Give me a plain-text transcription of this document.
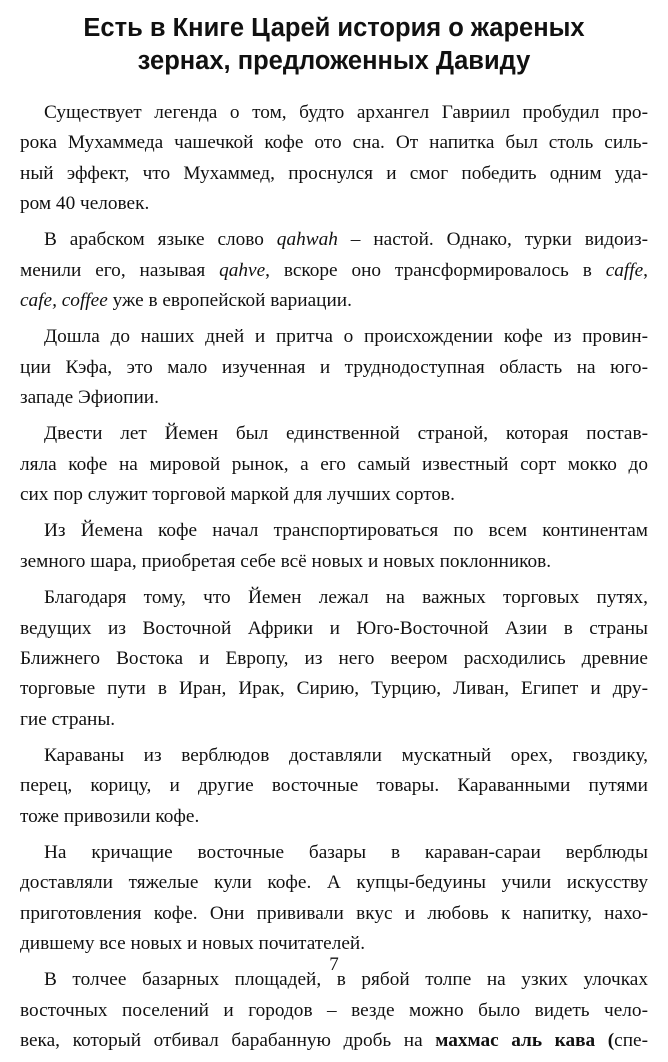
Есть в Книге Царей история о жареных
зернах, предложенных Давиду

Существует легенда о том, будто архангел Гавриил пробудил про-
рока Мухаммеда чашечкой кофе ото сна. От напитка был столь силь-
ный эффект, что Мухаммед, проснулся и смог победить одним уда-
ром 40 человек.

В арабском языке слово qahwah – настой. Однако, турки видоиз-
менили его, называя qahve, вскоре оно трансформировалось в caffe,
cafe, coffee уже в европейской вариации.

Дошла до наших дней и притча о происхождении кофе из провин-
ции Кэфа, это мало изученная и труднодоступная область на юго-
западе Эфиопии.

Двести лет Йемен был единственной страной, которая постав-
ляла кофе на мировой рынок, а его самый известный сорт мокко до
сих пор служит торговой маркой для лучших сортов.

Из Йемена кофе начал транспортироваться по всем континентам
земного шара, приобретая себе всё новых и новых поклонников.

Благодаря тому, что Йемен лежал на важных торговых путях,
ведущих из Восточной Африки и Юго-Восточной Азии в страны
Ближнего Востока и Европу, из него веером расходились древние
торговые пути в Иран, Ирак, Сирию, Турцию, Ливан, Египет и дру-
гие страны.

Караваны из верблюдов доставляли мускатный орех, гвоздику,
перец, корицу, и другие восточные товары. Караванными путями
тоже привозили кофе.

На кричащие восточные базары в караван-сараи верблюды
доставляли тяжелые кули кофе. А купцы-бедуины учили искусству
приготовления кофе. Они прививали вкус и любовь к напитку, нахо-
дившему все новых и новых почитателей.

В толчее базарных площадей, в рябой толпе на узких улочках
восточных поселений и городов – везде можно было видеть чело-
века, который отбивал барабанную дробь на махмас аль кава (спе-

7
